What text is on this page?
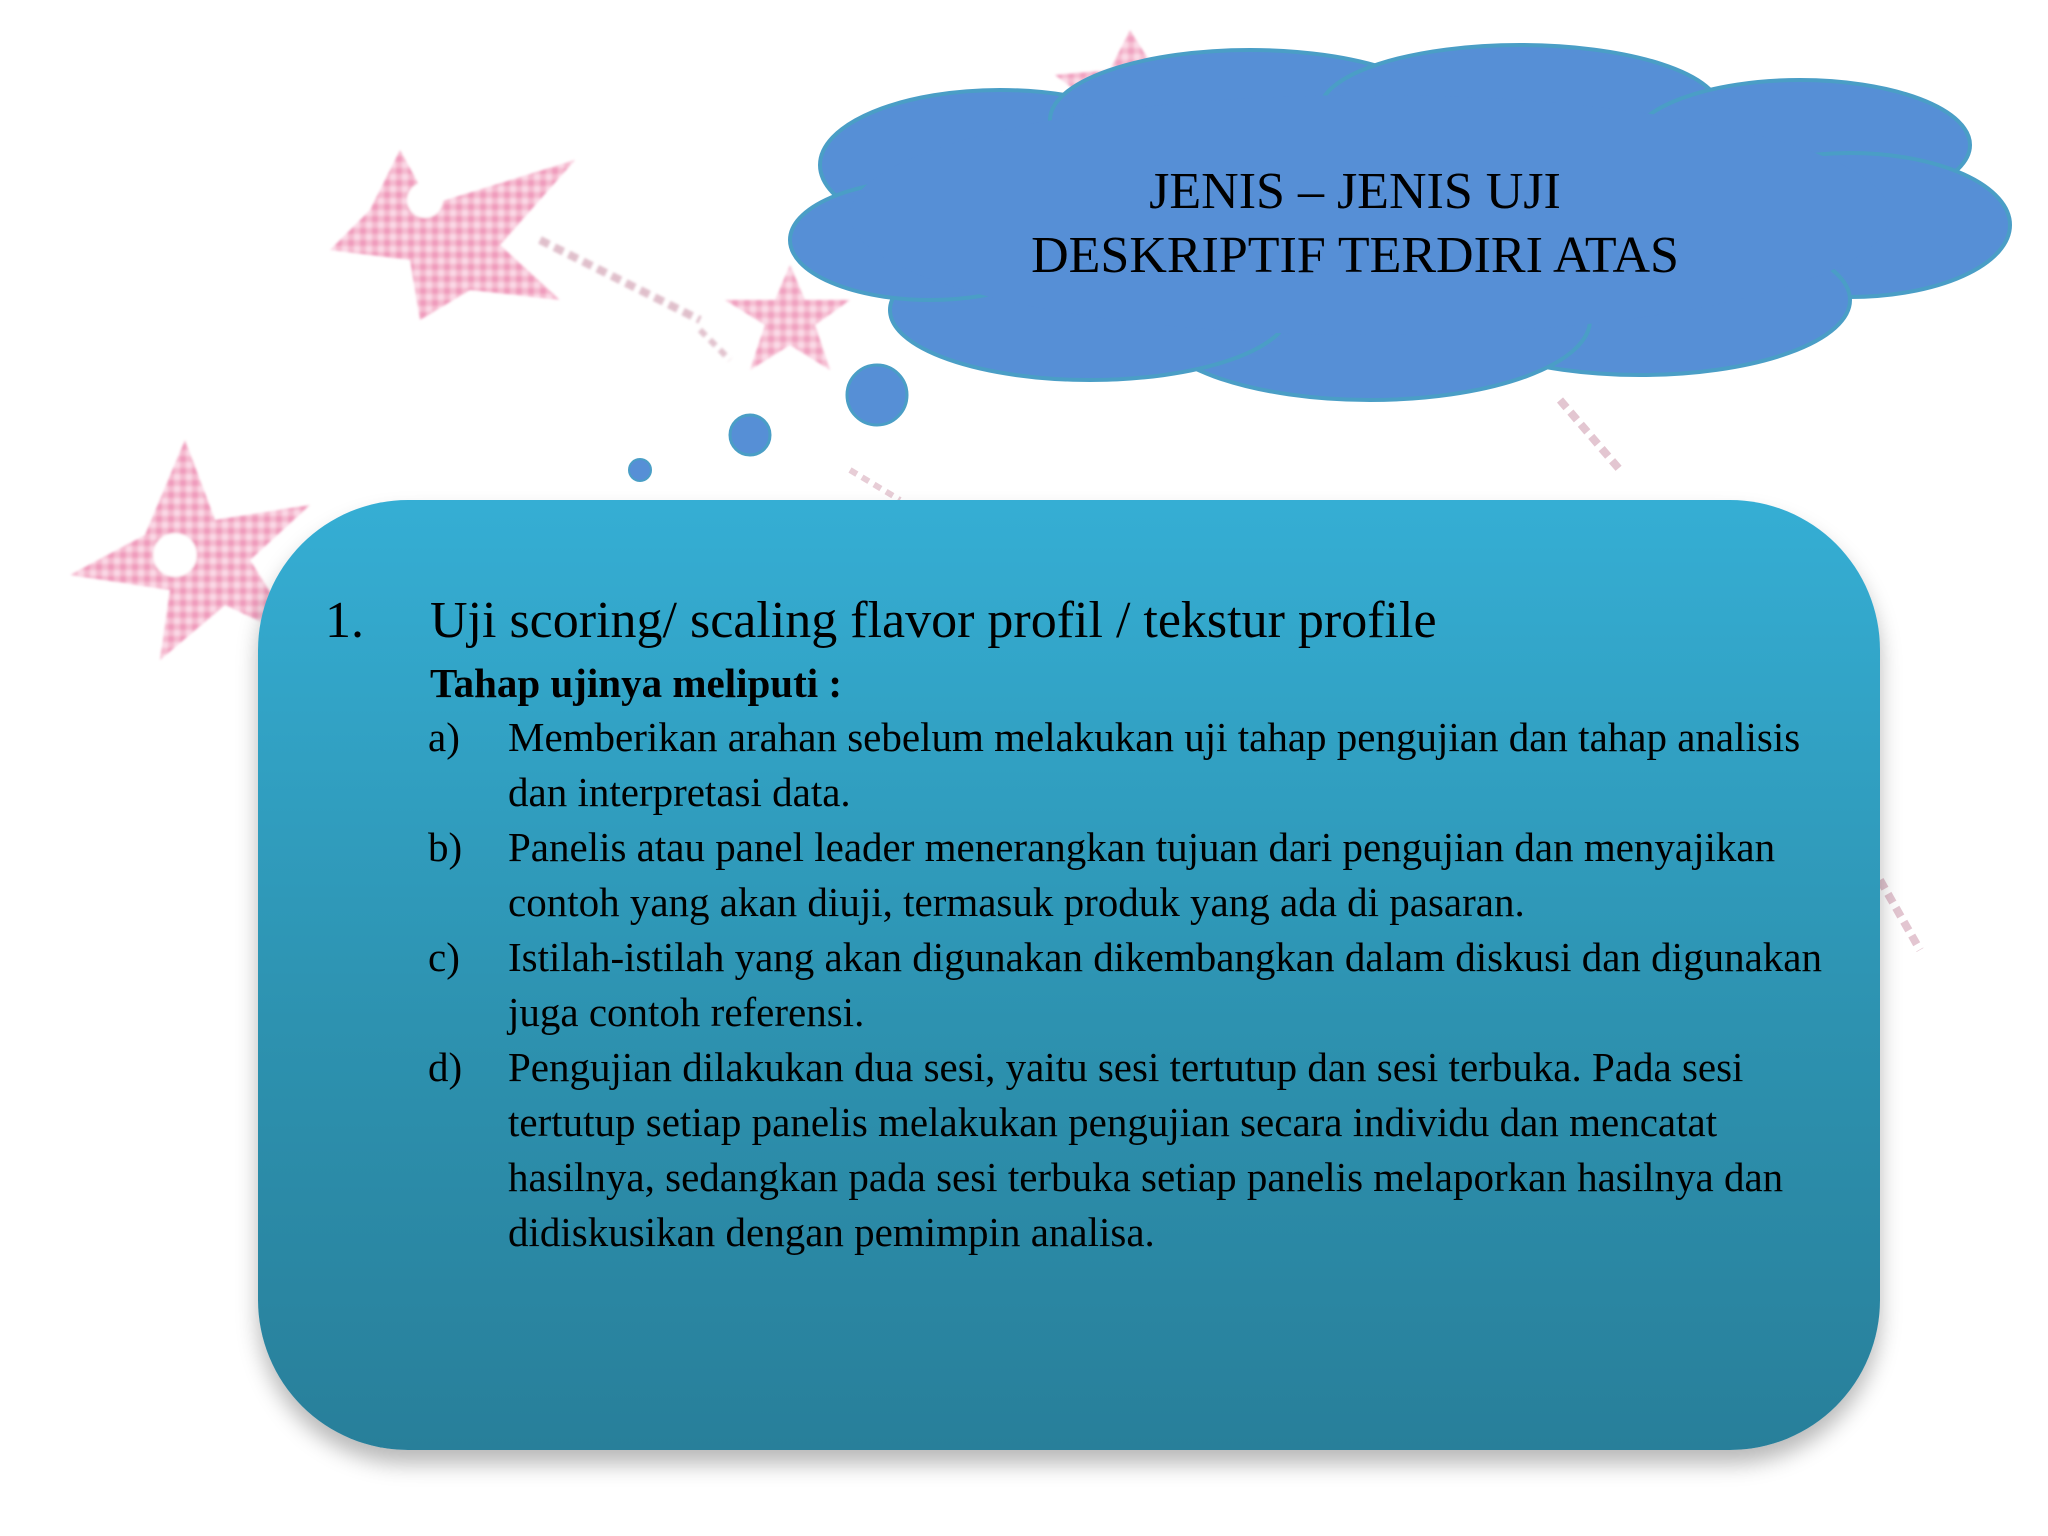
JENIS – JENIS UJI
DESKRIPTIF TERDIRI ATAS
1. Uji scoring/ scaling flavor profil / tekstur profile
Tahap ujinya meliputi :
a) Memberikan arahan sebelum melakukan uji tahap pengujian dan tahap analisis dan interpretasi data.
b) Panelis atau panel leader menerangkan tujuan dari pengujian dan menyajikan contoh yang akan diuji, termasuk produk yang ada di pasaran.
c) Istilah-istilah yang akan digunakan dikembangkan dalam diskusi dan digunakan juga contoh referensi.
d) Pengujian dilakukan dua sesi, yaitu sesi tertutup dan sesi terbuka. Pada sesi tertutup setiap panelis melakukan pengujian secara individu dan mencatat hasilnya, sedangkan pada sesi terbuka setiap panelis melaporkan hasilnya dan didiskusikan dengan pemimpin analisa.
